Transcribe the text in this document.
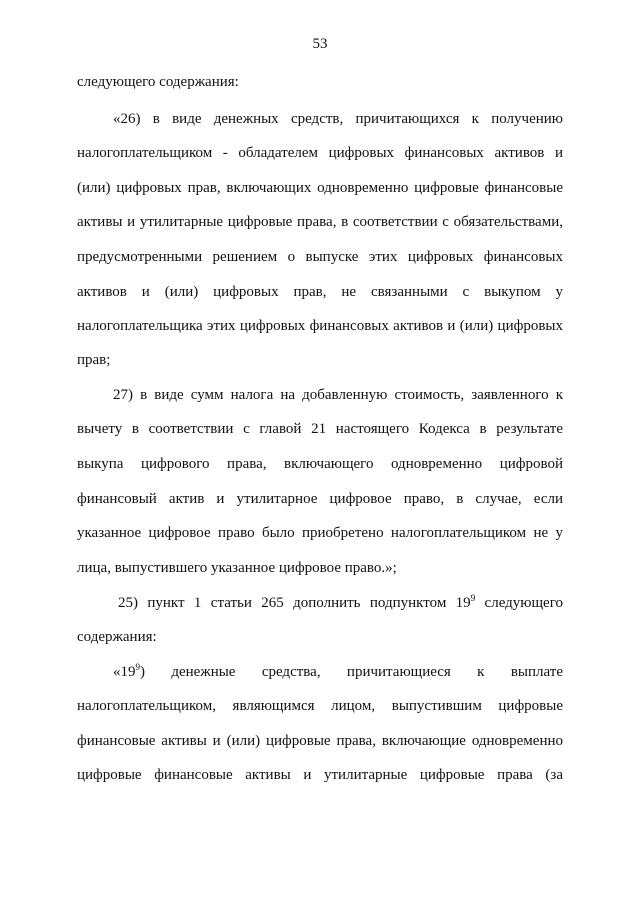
53
следующего содержания:
«26) в виде денежных средств, причитающихся к получению
налогоплательщиком - обладателем цифровых финансовых активов и
(или) цифровых прав, включающих одновременно цифровые финансовые
активы и утилитарные цифровые права, в соответствии с обязательствами,
предусмотренными решением о выпуске этих цифровых финансовых
активов и (или) цифровых прав, не связанными с выкупом у
налогоплательщика этих цифровых финансовых активов и (или) цифровых
прав;
27) в виде сумм налога на добавленную стоимость, заявленного к
вычету в соответствии с главой 21 настоящего Кодекса в результате
выкупа цифрового права, включающего одновременно цифровой
финансовый актив и утилитарное цифровое право, в случае, если
указанное цифровое право было приобретено налогоплательщиком не у
лица, выпустившего указанное цифровое право.»;
25) пункт 1 статьи 265 дополнить подпунктом $19^9$ следующего
содержания:
«$19^9$) денежные средства, причитающиеся к выплате
налогоплательщиком, являющимся лицом, выпустившим цифровые
финансовые активы и (или) цифровые права, включающие одновременно
цифровые финансовые активы и утилитарные цифровые права (за
